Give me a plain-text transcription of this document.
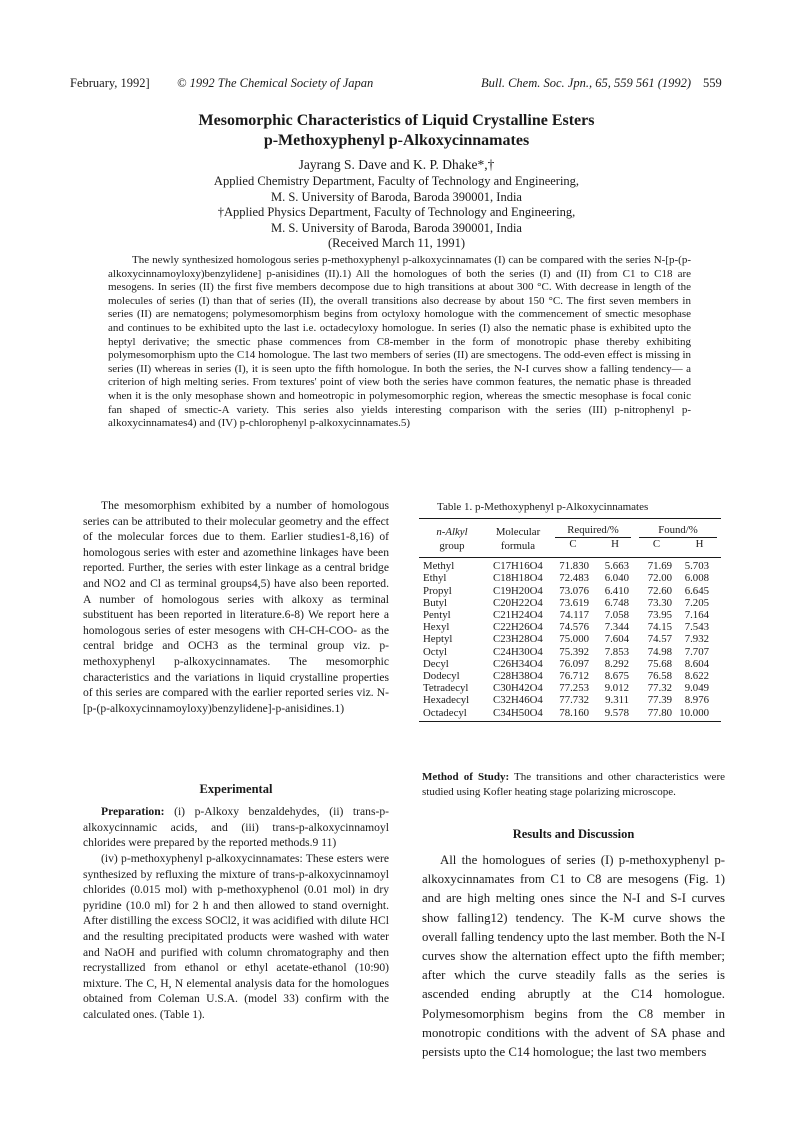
February, 1992] © 1992 The Chemical Society of Japan	Bull. Chem. Soc. Jpn., 65, 559 561 (1992) 559
Mesomorphic Characteristics of Liquid Crystalline Esters
p-Methoxyphenyl p-Alkoxycinnamates
Jayrang S. Dave and K. P. Dhake*,†
Applied Chemistry Department, Faculty of Technology and Engineering,
M. S. University of Baroda, Baroda 390001, India
†Applied Physics Department, Faculty of Technology and Engineering,
M. S. University of Baroda, Baroda 390001, India
(Received March 11, 1991)

The newly synthesized homologous series p-methoxyphenyl p-alkoxycinnamates (I) can be compared with the series N-[p-(p-alkoxycinnamoyloxy)benzylidene] p-anisidines (II).1) All the homologues of both the series (I) and (II) from C1 to C18 are mesogens. In series (II) the first five members decompose due to high transitions at about 300 °C. With decrease in length of the molecules of series (I) than that of series (II), the overall transitions also decrease by about 150 °C. The first seven members in series (II) are nematogens; polymesomorphism begins from octyloxy homologue with the commencement of smectic mesophase and continues to be exhibited upto the last i.e. octadecyloxy homologue. In series (I) also the nematic phase is exhibited upto the heptyl derivative; the smectic phase commences from C8-member in the form of monotropic phase thereby exhibiting polymesomorphism upto the C14 homologue. The last two members of series (II) are smectogens. The odd-even effect is missing in series (II) whereas in series (I), it is seen upto the fifth homologue. In both the series, the N-I curves show a falling tendency— a criterion of high melting series. From textures' point of view both the series have common features, the nematic phase is threaded when it is the only mesophase shown and homeotropic in polymesomorphic region, whereas the smectic mesophase is focal conic fan shaped of smectic-A variety. This series also yields interesting comparison with the series (III) p-nitrophenyl p-alkoxycinnamates4) and (IV) p-chlorophenyl p-alkoxycinnamates.5)

The mesomorphism exhibited by a number of homologous series can be attributed to their molecular geometry and the effect of the molecular forces due to them. Earlier studies1-8,16) of homologous series with ester and azomethine linkages have been reported. Further, the series with ester linkage as a central bridge and NO2 and Cl as terminal groups4,5) have also been reported. A number of homologous series with alkoxy as terminal substituent has been reported in literature.6-8) We report here a homologous series of ester mesogens with CH-CH-COO- as the central bridge and OCH3 as the terminal group viz. p-methoxyphenyl p-alkoxycinnamates. The mesomorphic characteristics and the variations in liquid crystalline properties of this series are compared with the earlier reported series viz. N-[p-(p-alkoxycinnamoyloxy)benzylidene]-p-anisidines.1)

Experimental

Preparation: (i) p-Alkoxy benzaldehydes, (ii) trans-p-alkoxycinnamic acids, and (iii) trans-p-alkoxycinnamoyl chlorides were prepared by the reported methods.9 11)

(iv) p-methoxyphenyl p-alkoxycinnamates: These esters were synthesized by refluxing the mixture of trans-p-alkoxycinnamoyl chlorides (0.015 mol) with p-methoxyphenol (0.01 mol) in dry pyridine (10.0 ml) for 2 h and then allowed to stand overnight. After distilling the excess SOCl2, it was acidified with dilute HCl and the resulting precipitated products were washed with water and NaOH and purified with column chromatography and then recrystallized from ethanol or ethyl acetate-ethanol (10:90) mixture. The C, H, N elemental analysis data for the homologues obtained from Coleman U.S.A. (model 33) confirm with the calculated ones. (Table 1).

Table 1. p-Methoxyphenyl p-Alkoxycinnamates
n-Alkyl
group	Molecular
formula	Required/%		Found/%	

		C	H	C	H

Methyl	C17H16O4	71.830	5.663	71.69	5.703
Ethyl	C18H18O4	72.483	6.040	72.00	6.008
Propyl	C19H20O4	73.076	6.410	72.60	6.645
Butyl	C20H22O4	73.619	6.748	73.30	7.205
Pentyl	C21H24O4	74.117	7.058	73.95	7.164
Hexyl	C22H26O4	74.576	7.344	74.15	7.543
Heptyl	C23H28O4	75.000	7.604	74.57	7.932
Octyl	C24H30O4	75.392	7.853	74.98	7.707
Decyl	C26H34O4	76.097	8.292	75.68	8.604
Dodecyl	C28H38O4	76.712	8.675	76.58	8.622
Tetradecyl	C30H42O4	77.253	9.012	77.32	9.049
Hexadecyl	C32H46O4	77.732	9.311	77.39	8.976
Octadecyl	C34H50O4	78.160	9.578	77.80	10.000

Method of Study: The transitions and other characteristics were studied using Kofler heating stage polarizing microscope.

Results and Discussion

All the homologues of series (I) p-methoxyphenyl p-alkoxycinnamates from C1 to C8 are mesogens (Fig. 1) and are high melting ones since the N-I and S-I curves show falling12) tendency. The K-M curve shows the overall falling tendency upto the last member. Both the N-I curves show the alternation effect upto the fifth member; after which the curve steadily falls as the series is ascended ending abruptly at the C14 homologue. Polymesomorphism begins from the C8 member in monotropic conditions with the advent of SA phase and persists upto the C14 homologue; the last two members
